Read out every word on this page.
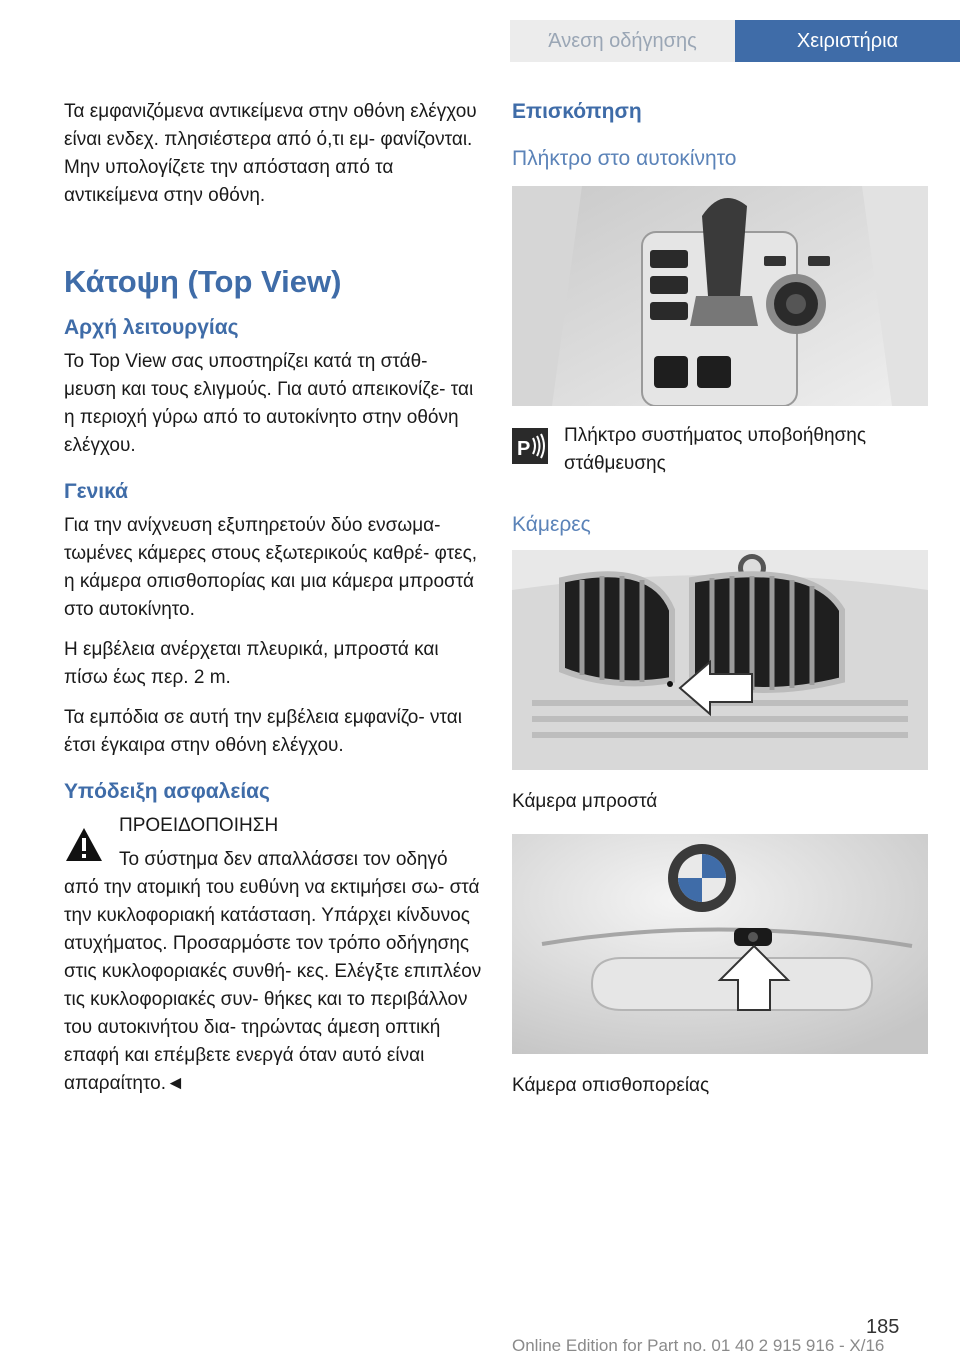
Άνεση οδήγησης	Χειριστήρια

Τα εμφανιζόμενα αντικείμενα στην οθόνη ελέγχου είναι ενδεχ. πλησιέστερα από ό,τι εμ- φανίζονται. Μην υπολογίζετε την απόσταση από τα αντικείμενα στην οθόνη.

Κάτοψη (Top View)
Αρχή λειτουργίας

Το Top View σας υποστηρίζει κατά τη στάθ- μευση και τους ελιγμούς. Για αυτό απεικονίζε- ται η περιοχή γύρω από το αυτοκίνητο στην οθόνη ελέγχου.

Γενικά

Για την ανίχνευση εξυπηρετούν δύο ενσωμα- τωμένες κάμερες στους εξωτερικούς καθρέ- φτες, η κάμερα οπισθοπορίας και μια κάμερα μπροστά στο αυτοκίνητο.

Η εμβέλεια ανέρχεται πλευρικά, μπροστά και πίσω έως περ. 2 m.

Τα εμπόδια σε αυτή την εμβέλεια εμφανίζο- νται έτσι έγκαιρα στην οθόνη ελέγχου.

Υπόδειξη ασφαλείας
ΠΡΟΕΙΔΟΠΟΙΗΣΗ
Το σύστημα δεν απαλλάσσει τον οδηγό

από την ατομική του ευθύνη να εκτιμήσει σω- στά την κυκλοφοριακή κατάσταση. Υπάρχει κίνδυνος ατυχήματος. Προσαρμόστε τον τρόπο οδήγησης στις κυκλοφοριακές συνθή- κες. Ελέγξτε επιπλέον τις κυκλοφοριακές συν- θήκες και το περιβάλλον του αυτοκινήτου δια- τηρώντας άμεση οπτική επαφή και επέμβετε ενεργά όταν αυτό είναι απαραίτητο.◄

Επισκόπηση
Πλήκτρο στο αυτοκίνητο
P

Πλήκτρο συστήματος υποβοήθησης στάθμευσης

Κάμερες

Κάμερα μπροστά

Κάμερα οπισθοπορείας

185
Online Edition for Part no. 01 40 2 915 916 - X/16
